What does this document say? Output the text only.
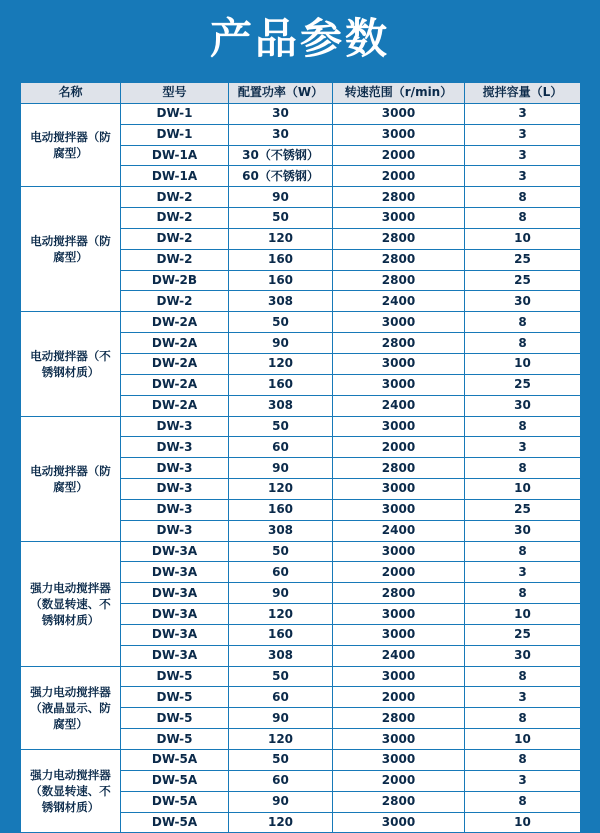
产品参数
名称	型号	配置功率（W）	转速范围（r/min）	搅拌容量（L）
电动搅拌器（防腐型）	DW-1	30	3000	3
	DW-1	30	3000	3
	DW-1A	30（不锈钢）	2000	3
	DW-1A	60（不锈钢）	2000	3
电动搅拌器（防腐型）	DW-2	90	2800	8
	DW-2	50	3000	8
	DW-2	120	2800	10
	DW-2	160	2800	25
	DW-2B	160	2800	25
	DW-2	308	2400	30
电动搅拌器（不锈钢材质）	DW-2A	50	3000	8
	DW-2A	90	2800	8
	DW-2A	120	3000	10
	DW-2A	160	3000	25
	DW-2A	308	2400	30
电动搅拌器（防腐型）	DW-3	50	3000	8
	DW-3	60	2000	3
	DW-3	90	2800	8
	DW-3	120	3000	10
	DW-3	160	3000	25
	DW-3	308	2400	30
强力电动搅拌器（数显转速、不锈钢材质）	DW-3A	50	3000	8
	DW-3A	60	2000	3
	DW-3A	90	2800	8
	DW-3A	120	3000	10
	DW-3A	160	3000	25
	DW-3A	308	2400	30
强力电动搅拌器（液晶显示、防腐型）	DW-5	50	3000	8
	DW-5	60	2000	3
	DW-5	90	2800	8
	DW-5	120	3000	10
强力电动搅拌器（数显转速、不锈钢材质）	DW-5A	50	3000	8
	DW-5A	60	2000	3
	DW-5A	90	2800	8
	DW-5A	120	3000	10
